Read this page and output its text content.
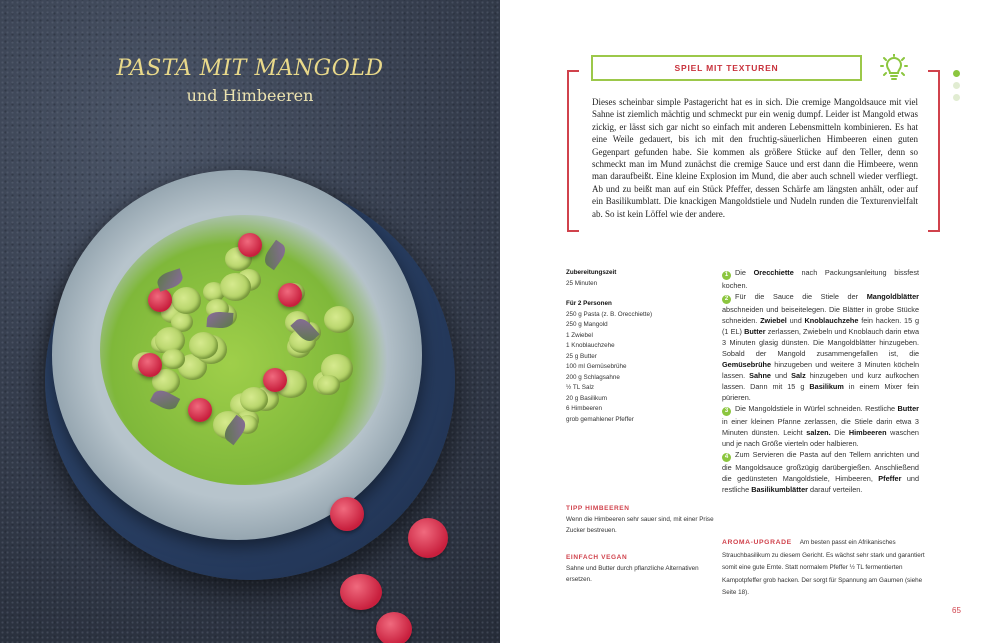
PASTA MIT MANGOLD
und Himbeeren
SPIEL MIT TEXTUREN

Dieses scheinbar simple Pastagericht hat es in sich. Die cremige Mangoldsauce mit viel Sahne ist ziemlich mächtig und schmeckt pur ein wenig dumpf. Leider ist Mangold etwas zickig, er lässt sich gar nicht so einfach mit anderen Lebensmitteln kombinieren. Es hat eine Weile gedauert, bis ich mit den fruchtig-säuerlichen Himbeeren einen guten Gegenpart gefunden habe. Sie kommen als größere Stücke auf den Teller, denn so schmeckt man im Mund zunächst die cremige Sauce und erst dann die Himbeere, wenn man daraufbeißt. Eine kleine Explosion im Mund, die aber auch schnell wieder verfliegt. Ab und zu beißt man auf ein Stück Pfeffer, dessen Schärfe am längsten anhält, oder auf ein Basilikumblatt. Die knackigen Mangoldstiele und Nudeln runden die Texturenvielfalt ab. So ist kein Löffel wie der andere.

Zubereitungszeit
25 Minuten
Für 2 Personen
250 g Pasta (z. B. Orecchiette)
250 g Mangold
1 Zwiebel
1 Knoblauchzehe
25 g Butter
100 ml Gemüsebrühe
200 g Schlagsahne
½ TL Salz
20 g Basilikum
6 Himbeeren
grob gemahlener Pfeffer
1 Die Orecchiette nach Packungsanleitung bissfest kochen.
2 Für die Sauce die Stiele der Mangoldblätter abschneiden und beiseitelegen. Die Blätter in grobe Stücke schneiden. Zwiebel und Knoblauchzehe fein hacken. 15 g (1 EL) Butter zerlassen, Zwiebeln und Knoblauch darin etwa 3 Minuten glasig dünsten. Die Mangoldblätter hinzugeben. Sobald der Mangold zusammengefallen ist, die Gemüsebrühe hinzugeben und weitere 3 Minuten köcheln lassen. Sahne und Salz hinzugeben und kurz aufkochen lassen. Dann mit 15 g Basilikum in einem Mixer fein pürieren.
3 Die Mangoldstiele in Würfel schneiden. Restliche Butter in einer kleinen Pfanne zerlassen, die Stiele darin etwa 3 Minuten dünsten. Leicht salzen. Die Himbeeren waschen und je nach Größe vierteln oder halbieren.
4 Zum Servieren die Pasta auf den Tellern anrichten und die Mangoldsauce großzügig darübergießen. Anschließend die gedünsteten Mangoldstiele, Himbeeren, Pfeffer und restliche Basilikumblätter darauf verteilen.
TIPP HIMBEEREN
Wenn die Himbeeren sehr sauer sind, mit einer Prise Zucker bestreuen.
EINFACH VEGAN
Sahne und Butter durch pflanzliche Alternativen ersetzen.
AROMA-UPGRADE Am besten passt ein Afrikanisches Strauchbasilikum zu diesem Gericht. Es wächst sehr stark und garantiert somit eine gute Ernte. Statt normalem Pfeffer ½ TL fermentierten Kampotpfeffer grob hacken. Der sorgt für Spannung am Gaumen (siehe Seite 18).
65
